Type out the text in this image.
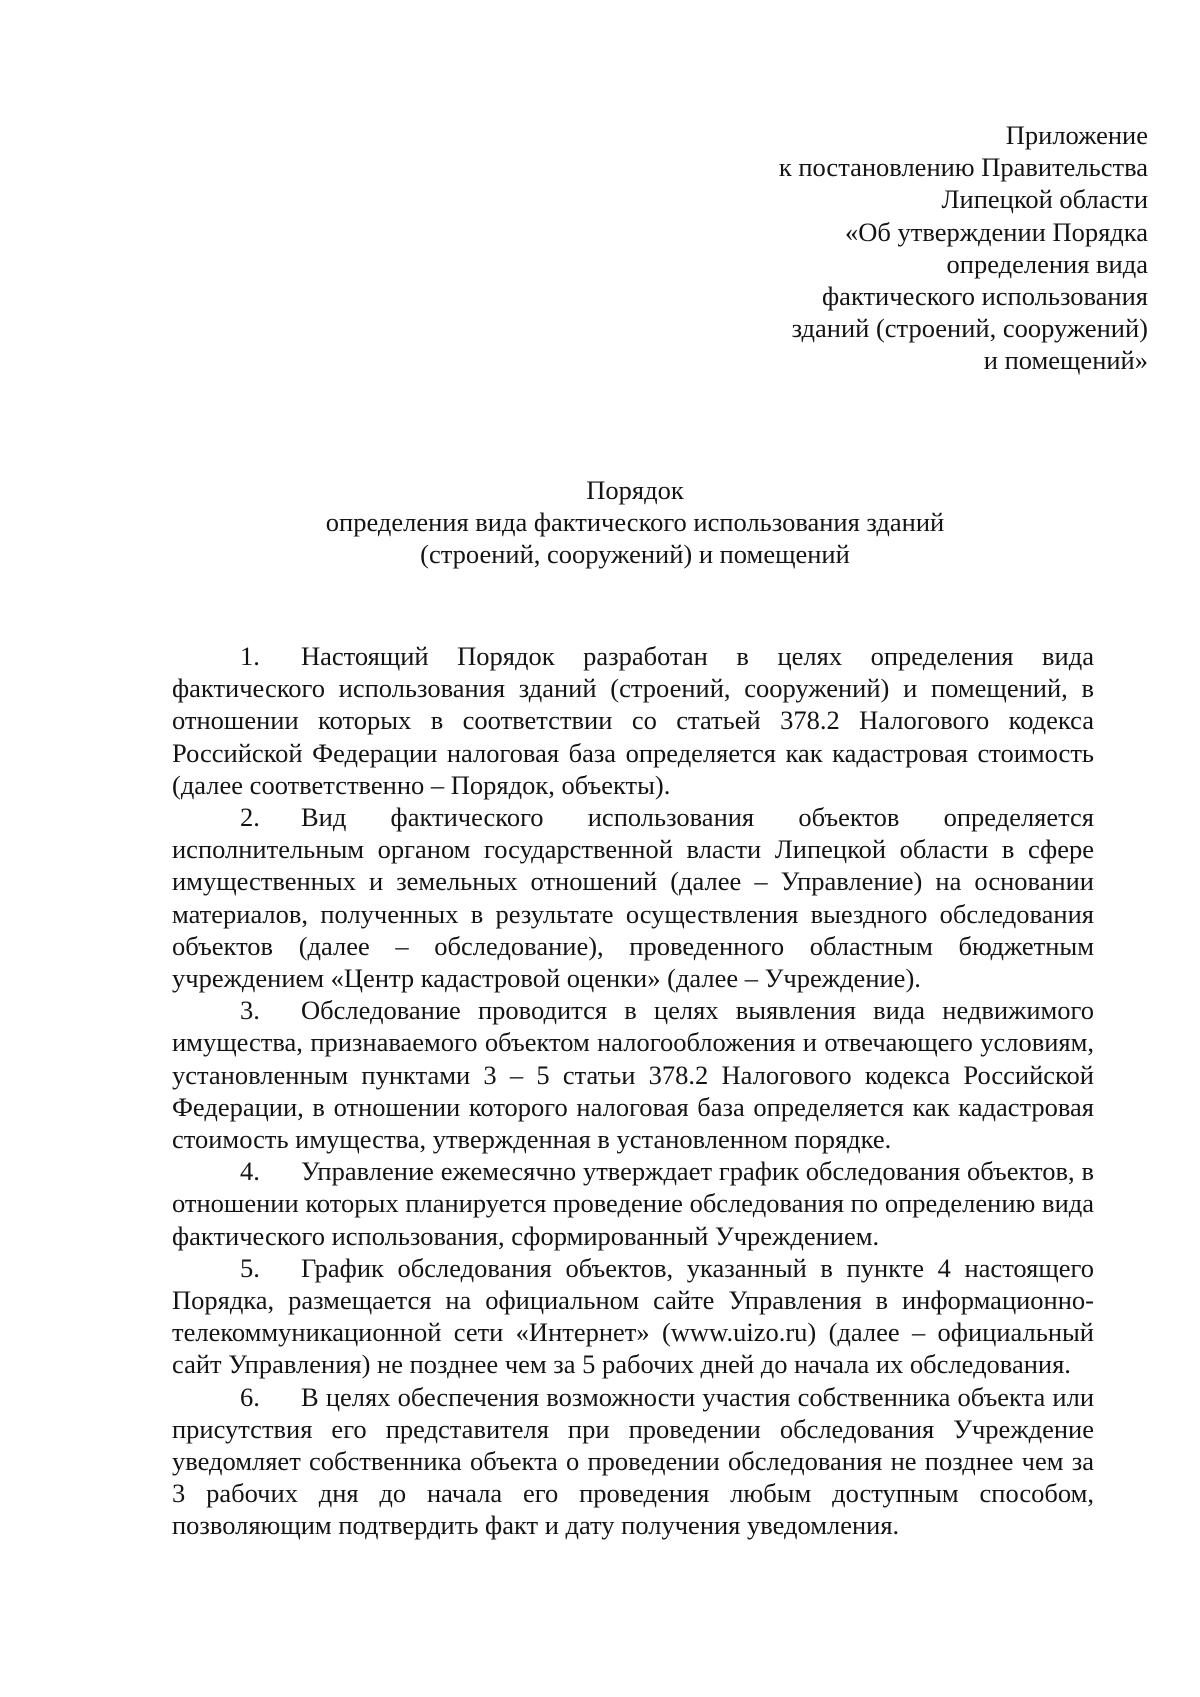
Приложение
к постановлению Правительства
Липецкой области
«Об утверждении Порядка
определения вида
фактического использования
зданий (строений, сооружений)
и помещений»
Порядок
определения вида фактического использования зданий
(строений, сооружений) и помещений

1. Настоящий Порядок разработан в целях определения вида фактического использования зданий (строений, сооружений) и помещений, в отношении которых в соответствии со статьей 378.2 Налогового кодекса Российской Федерации налоговая база определяется как кадастровая стоимость (далее соответственно – Порядок, объекты).

2. Вид фактического использования объектов определяется исполнительным органом государственной власти Липецкой области в сфере имущественных и земельных отношений (далее – Управление) на основании материалов, полученных в результате осуществления выездного обследования объектов (далее – обследование), проведенного областным бюджетным учреждением «Центр кадастровой оценки» (далее – Учреждение).

3. Обследование проводится в целях выявления вида недвижимого имущества, признаваемого объектом налогообложения и отвечающего условиям, установленным пунктами 3 – 5 статьи 378.2 Налогового кодекса Российской Федерации, в отношении которого налоговая база определяется как кадастровая стоимость имущества, утвержденная в установленном порядке.

4. Управление ежемесячно утверждает график обследования объектов, в отношении которых планируется проведение обследования по определению вида фактического использования, сформированный Учреждением.

5. График обследования объектов, указанный в пункте 4 настоящего Порядка, размещается на официальном сайте Управления в информационно-телекоммуникационной сети «Интернет» (www.uizo.ru) (далее – официальный сайт Управления) не позднее чем за 5 рабочих дней до начала их обследования.

6. В целях обеспечения возможности участия собственника объекта или присутствия его представителя при проведении обследования Учреждение уведомляет собственника объекта о проведении обследования не позднее чем за 3 рабочих дня до начала его проведения любым доступным способом, позволяющим подтвердить факт и дату получения уведомления.
